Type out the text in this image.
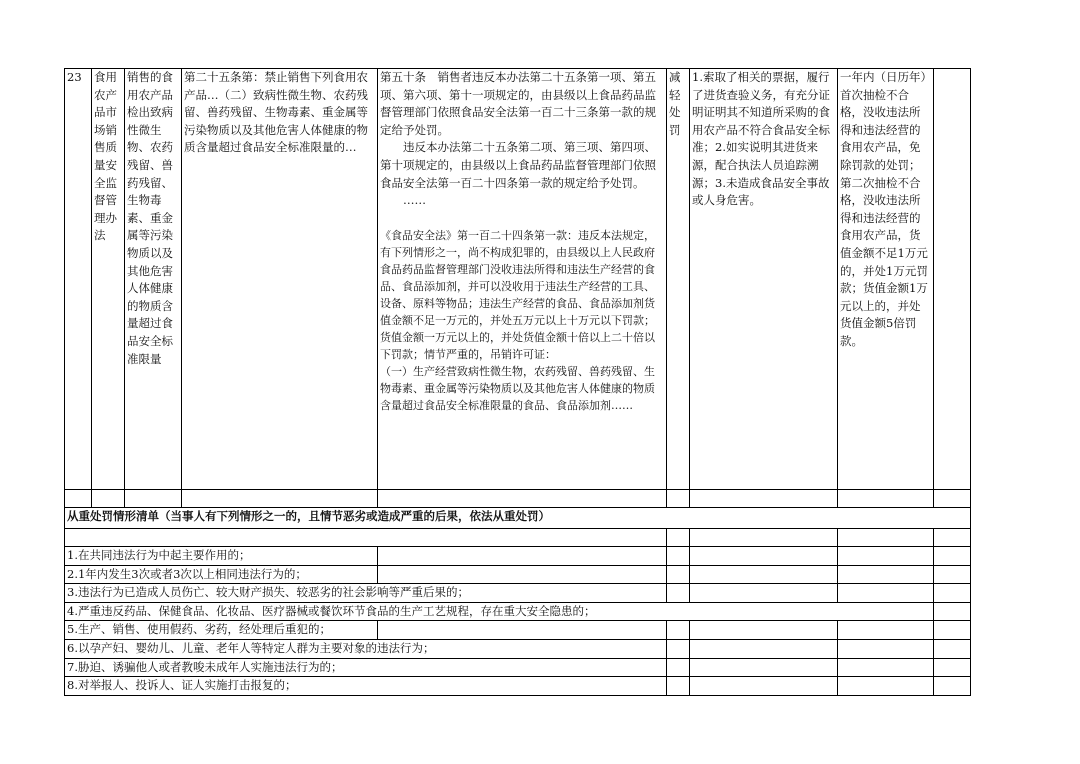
23	食用农产品市场销售质量安全监督管理办法	销售的食用农产品检出致病性微生物、农药残留、兽药残留、生物毒素、重金属等污染物质以及其他危害人体健康的物质含量超过食品安全标准限量	第二十五条第：禁止销售下列食用农产品…（二）致病性微生物、农药残留、兽药残留、生物毒素、重金属等污染物质以及其他危害人体健康的物质含量超过食品安全标准限量的…	第五十条　销售者违反本办法第二十五条第一项、第五项、第六项、第十一项规定的，由县级以上食品药品监督管理部门依照食品安全法第一百二十三条第一款的规定给予处罚。

违反本办法第二十五条第二项、第三项、第四项、第十项规定的，由县级以上食品药品监督管理部门依照食品安全法第一百二十四条第一款的规定给予处罚。

……

《食品安全法》第一百二十四条第一款：违反本法规定，有下列情形之一，尚不构成犯罪的，由县级以上人民政府食品药品监督管理部门没收违法所得和违法生产经营的食品、食品添加剂，并可以没收用于违法生产经营的工具、设备、原料等物品；违法生产经营的食品、食品添加剂货值金额不足一万元的，并处五万元以上十万元以下罚款；货值金额一万元以上的，并处货值金额十倍以上二十倍以下罚款；情节严重的，吊销许可证：

（一）生产经营致病性微生物，农药残留、兽药残留、生物毒素、重金属等污染物质以及其他危害人体健康的物质含量超过食品安全标准限量的食品、食品添加剂……	减轻处罚	1.索取了相关的票据，履行了进货查验义务，有充分证明证明其不知道所采购的食用农产品不符合食品安全标准；2.如实说明其进货来源，配合执法人员追踪溯源；3.未造成食品安全事故或人身危害。	一年内（日历年）首次抽检不合格，没收违法所得和违法经营的食用农产品，免除罚款的处罚；第二次抽检不合格，没收违法所得和违法经营的食用农产品，货值金额不足1万元的，并处1万元罚款；货值金额1万元以上的，并处货值金额5倍罚款。	

从重处罚情形清单（当事人有下列情形之一的，且情节恶劣或造成严重的后果，依法从重处罚）								

1.在共同违法行为中起主要作用的；								
2.1年内发生3次或者3次以上相同违法行为的；								
3.违法行为已造成人员伤亡、较大财产损失、较恶劣的社会影响等严重后果的；								
4.严重违反药品、保健食品、化妆品、医疗器械或餐饮环节食品的生产工艺规程，存在重大安全隐患的；								
5.生产、销售、使用假药、劣药，经处理后重犯的；								
6.以孕产妇、婴幼儿、儿童、老年人等特定人群为主要对象的违法行为；								
7.胁迫、诱骗他人或者教唆未成年人实施违法行为的；								
8.对举报人、投诉人、证人实施打击报复的；								
